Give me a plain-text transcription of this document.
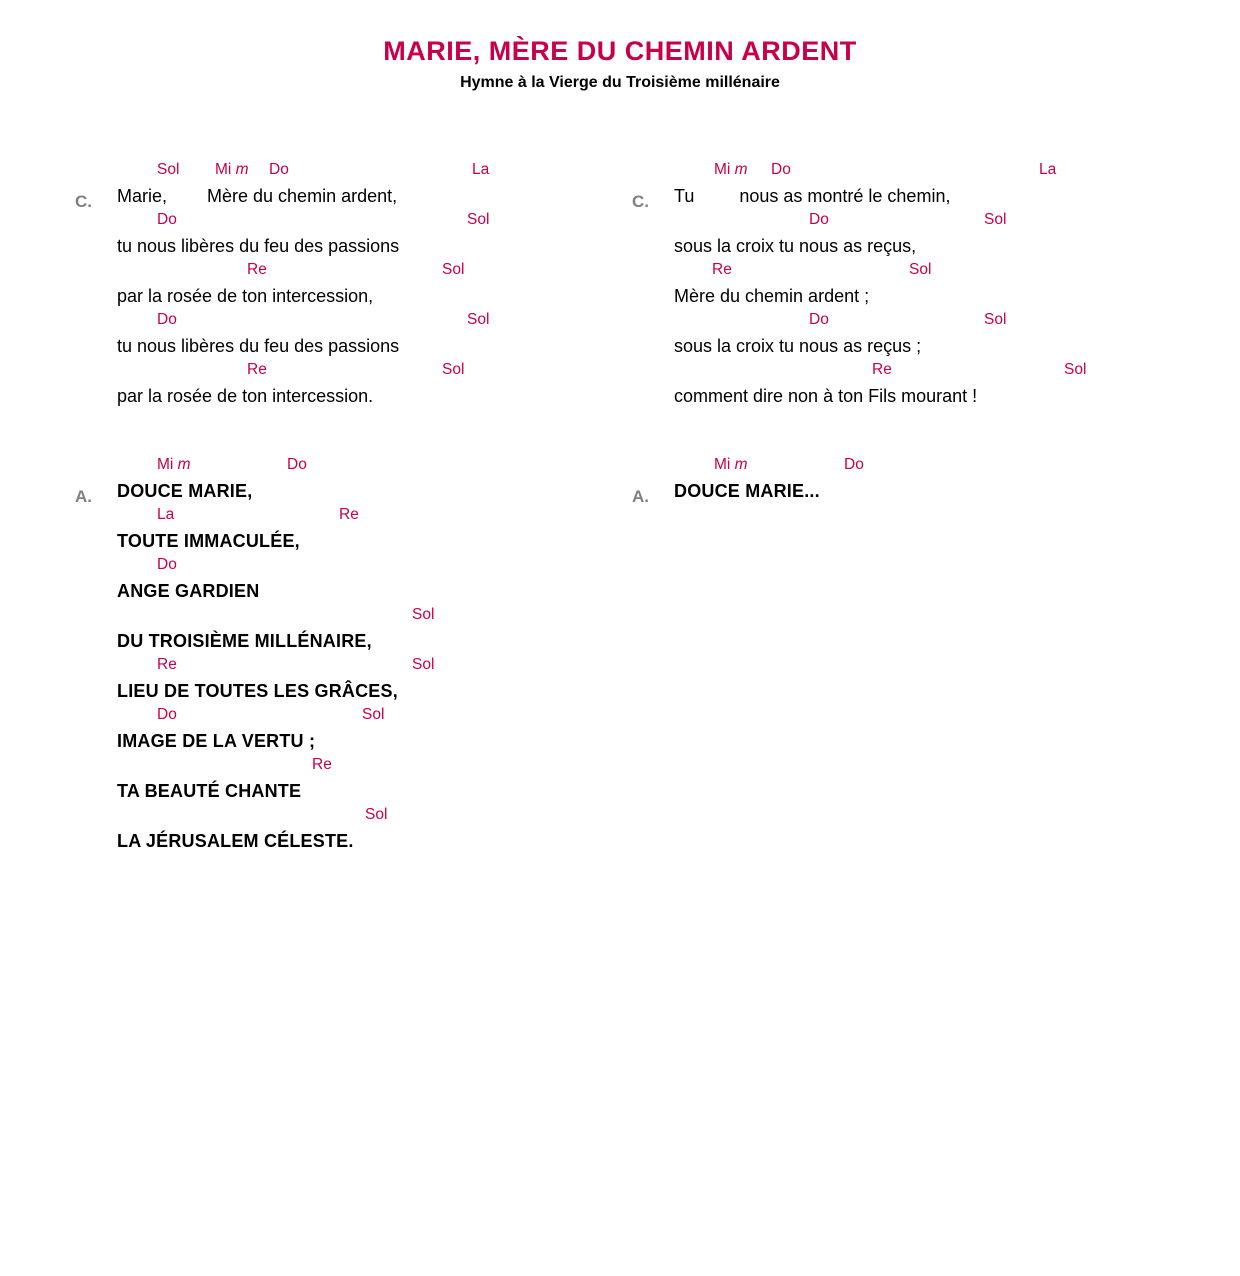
MARIE, MÈRE DU CHEMIN ARDENT
Hymne à la Vierge du Troisième millénaire
C.

Sol

Mi m

Do

	La

Marie,        Mère du chemin ardent,

Do

	Sol

tu nous libères du feu des passions

Re

	Sol

par la rosée de ton intercession,

Do

	Sol

tu nous libères du feu des passions

Re

	Sol

par la rosée de ton intercession.
A.

Mi m

	Do

DOUCE MARIE,

La

	Re

TOUTE IMMACULÉE,

Do

ANGE GARDIEN

Sol

DU TROISIÈME MILLÉNAIRE,

Re

	Sol

LIEU DE TOUTES LES GRÂCES,

Do

	Sol

IMAGE DE LA VERTU ;

Re

TA BEAUTÉ CHANTE

Sol

LA JÉRUSALEM CÉLESTE.
C.

Mi m

Do

	La

Tu         nous as montré le chemin,

Do

	Sol

sous la croix tu nous as reçus,

Re

	Sol

Mère du chemin ardent ;

Do

	Sol

sous la croix tu nous as reçus ;

Re

	Sol

comment dire non à ton Fils mourant !
A.

Mi m

	Do

DOUCE MARIE...
